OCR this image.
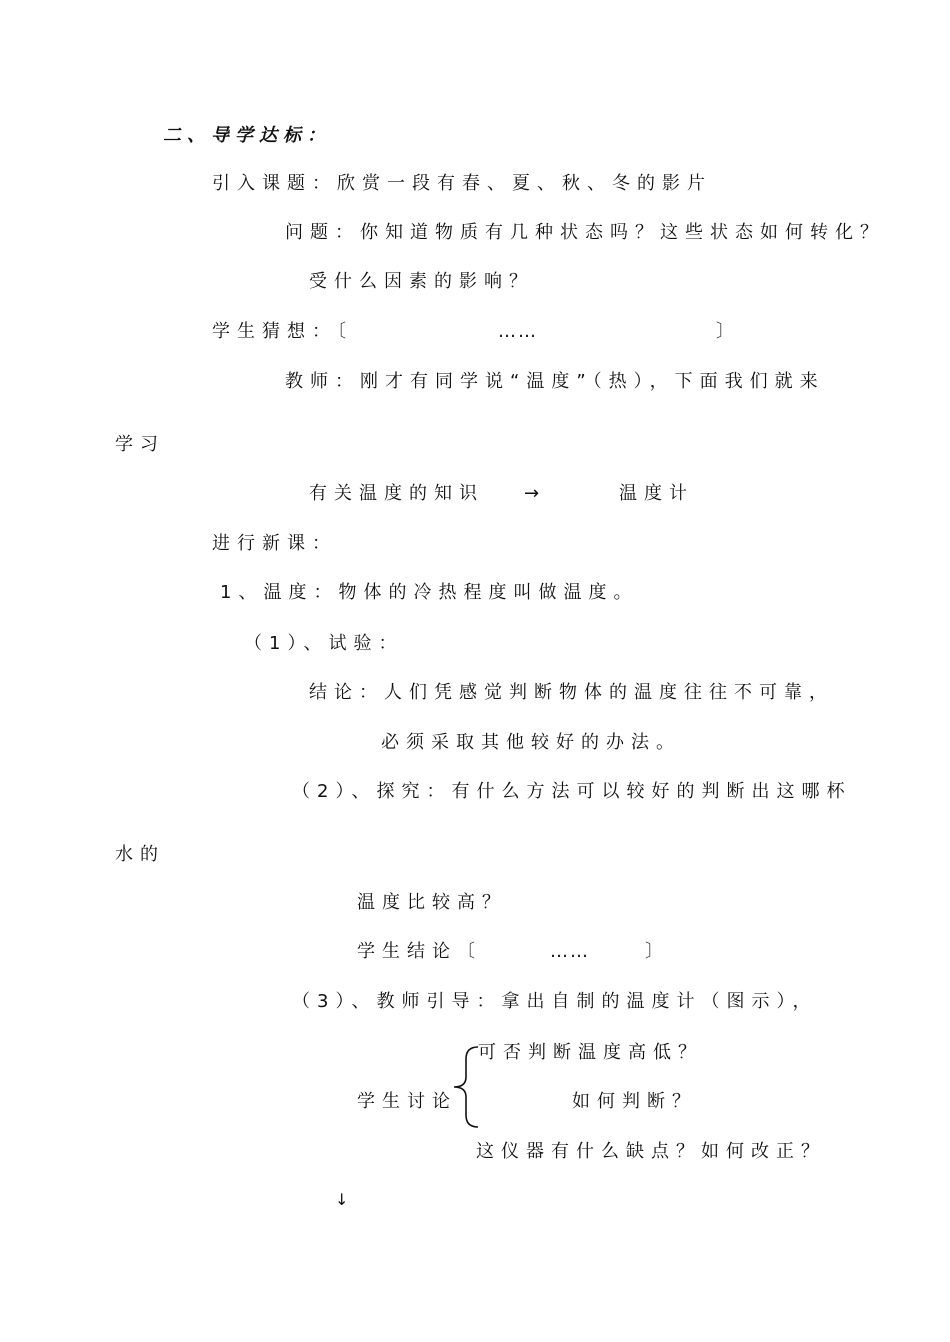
二、导学达标：
引入课题：欣赏一段有春、夏、秋、冬的影片
问题：你知道物质有几种状态吗？这些状态如何转化？
受什么因素的影响？
学生猜想：〔	……	〕
教师：刚才有同学说“温度”（热），下面我们就来
学习
有关温度的知识 →	温度计
进行新课：
1、温度：物体的冷热程度叫做温度。
（1）、试验：
结论：人们凭感觉判断物体的温度往往不可靠，
必须采取其他较好的办法。
（2）、探究：有什么方法可以较好的判断出这哪杯
水的
温度比较高？
学生结论〔	……	〕
（3）、教师引导：拿出自制的温度计（图示），
可否判断温度高低？
学生讨论	如何判断？
这仪器有什么缺点？如何改正？
↓
